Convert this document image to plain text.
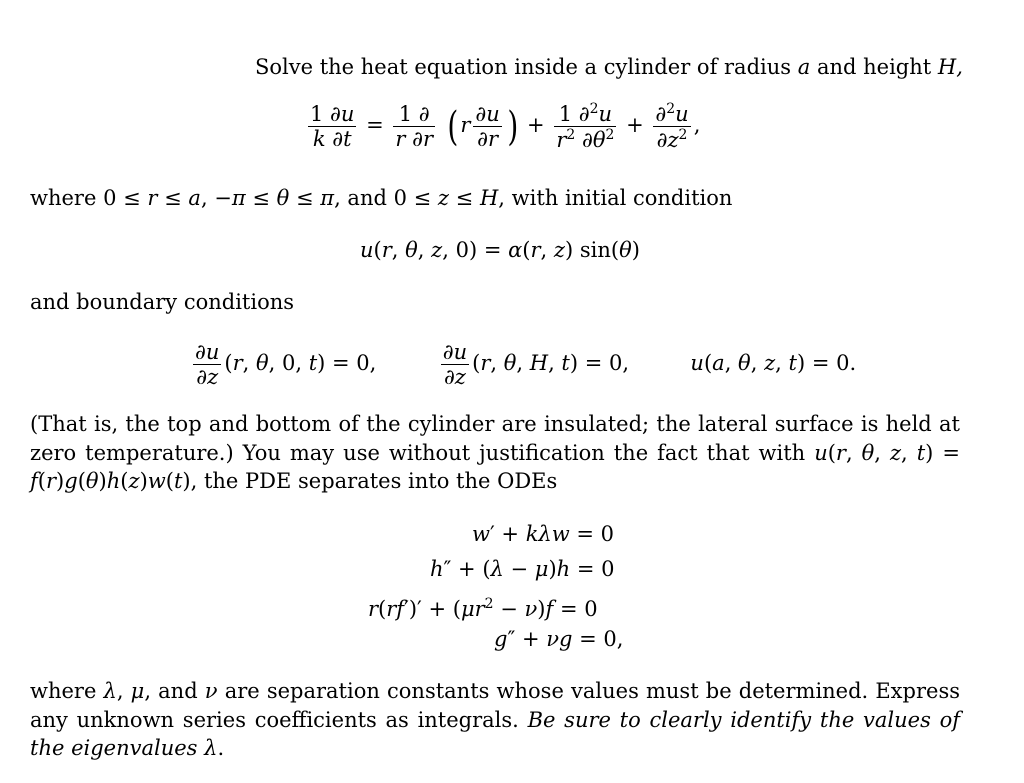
Solve the heat equation inside a cylinder of radius a and height H,
$\frac{1 \partial u}{k \partial t} = \frac{1 \partial}{r \partial r}$ ( r $\frac{\partial u}{\partial r}$ ) + $\frac{1 \partial^2u}{r^2 \partial\theta^2} + \frac{\partial^2u}{\partial z^2}$ ,
where 0 ≤ r ≤ a, −π ≤ θ ≤ π, and 0 ≤ z ≤ H, with initial condition
u(r, θ, z, 0) = α(r, z) sin(θ)
and boundary conditions
$\frac{\partial u}{\partial z} (r$, θ, 0, t) = 0,	$\frac{\partial u}{\partial z} (r$, θ, H, t) = 0,	u(a, θ, z, t) = 0.
(That is, the top and bottom of the cylinder are insulated; the lateral surface is held at zero temperature.) You may use without justification the fact that with u(r, θ, z, t) = f(r)g(θ)h(z)w(t), the PDE separates into the ODEs
w′ + kλw = 0
h″ + (λ − μ)h = 0
$r(rf')' + (\mu r^2 - \nu)f = 0$
g″ + νg = 0,
where λ, μ, and ν are separation constants whose values must be determined. Express any unknown series coefficients as integrals. Be sure to clearly identify the values of the eigenvalues λ.
